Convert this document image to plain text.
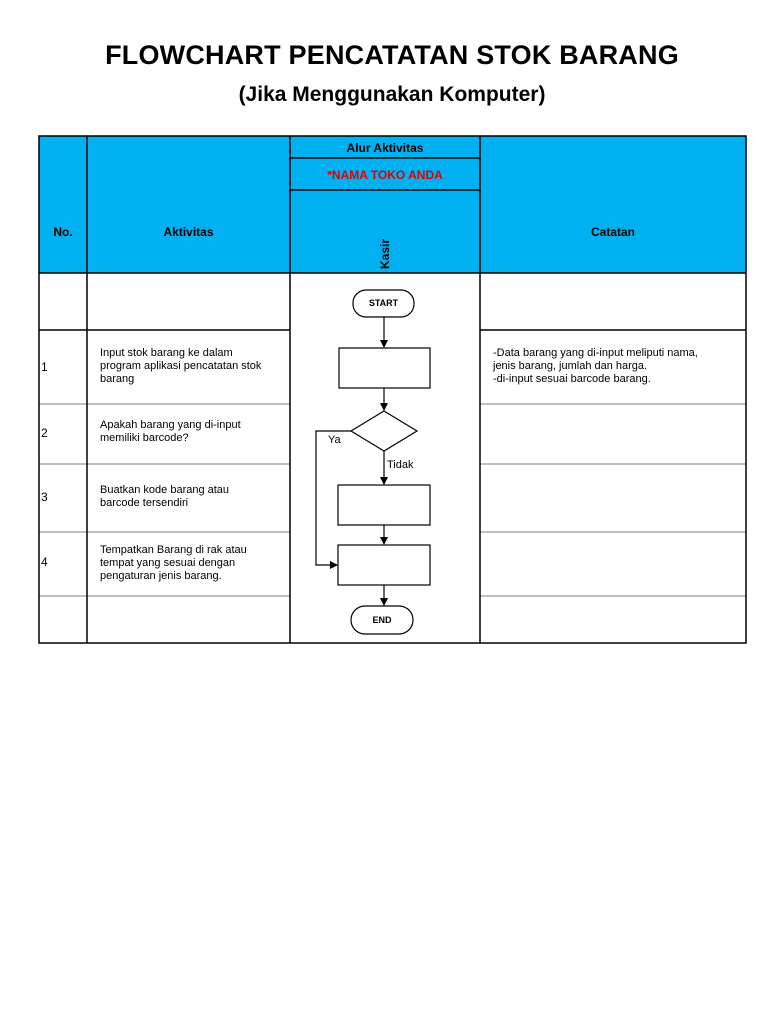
FLOWCHART PENCATATAN STOK BARANG
(Jika Menggunakan Komputer)
No.	Aktivitas
Alur Aktivitas
*NAMA TOKO ANDA
Kasir
Catatan
1
2
3
4
Input stok barang ke dalam
program aplikasi pencatatan stok
barang
Apakah barang yang di-input
memiliki barcode?
Buatkan kode barang atau
barcode tersendiri
Tempatkan Barang di rak atau
tempat yang sesuai dengan
pengaturan jenis barang.
-Data barang yang di-input meliputi nama,
jenis barang, jumlah dan harga.
-di-input sesuai barcode barang.
START
END
Ya
Tidak
